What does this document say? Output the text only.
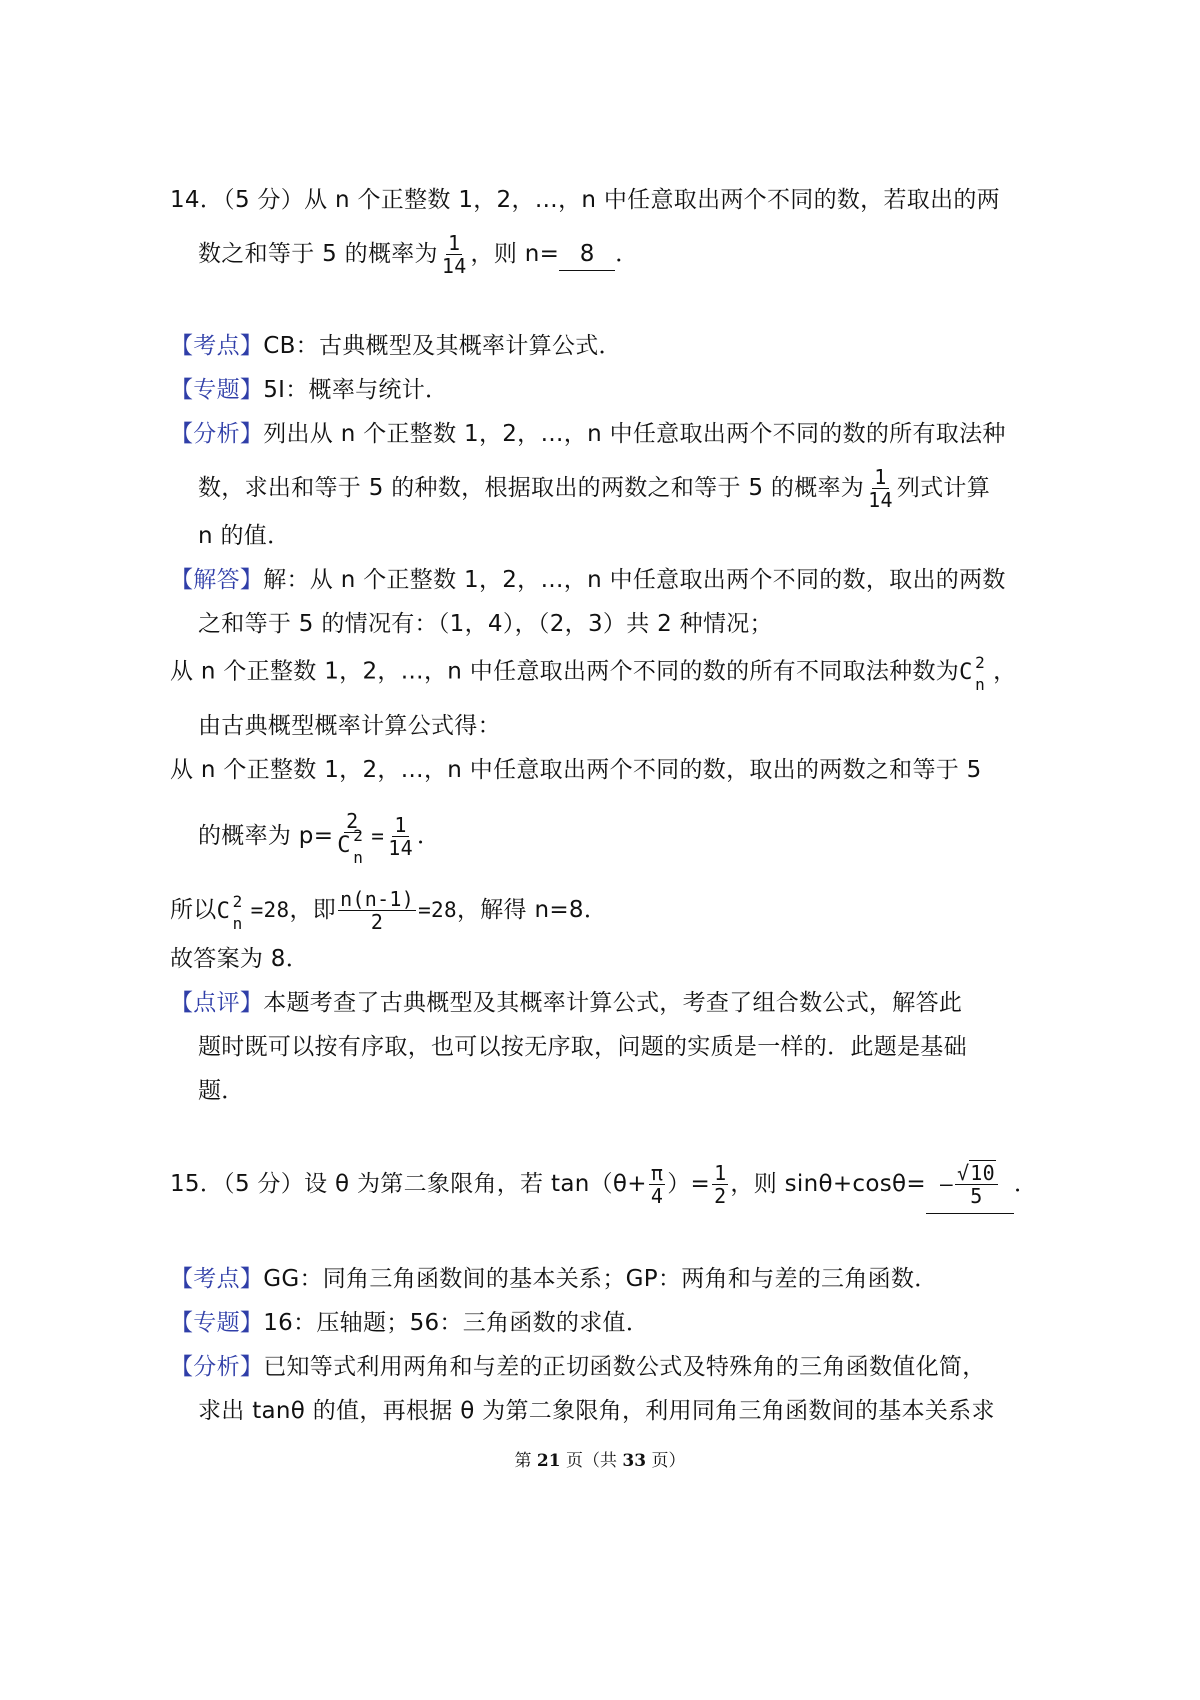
14．（5 分）从 n 个正整数 1，2，…，n 中任意取出两个不同的数，若取出的两
数之和等于 5 的概率为 $\frac{1}{14}$ ，则 n= 8 ．
【考点】CB：古典概型及其概率计算公式．
【专题】5I：概率与统计．
【分析】列出从 n 个正整数 1，2，…，n 中任意取出两个不同的数的所有取法种
数，求出和等于 5 的种数，根据取出的两数之和等于 5 的概率为 $\frac{1}{14}$ 列式计算
n 的值．
【解答】解：从 n 个正整数 1，2，…，n 中任意取出两个不同的数，取出的两数
之和等于 5 的情况有：（1，4），（2，3）共 2 种情况；
从 n 个正整数 1，2，…，n 中任意取出两个不同的数的所有不同取法种数为 C 2
n ，
由古典概型概率计算公式得：
从 n 个正整数 1，2，…，n 中任意取出两个不同的数，取出的两数之和等于 5
的概率为 p= 2
C 2
$n = \frac{1}{14}$ ．
所以 C 2
n
=28，即 $\frac{n(n-1)}{2} =28$，解得 n=8．
故答案为 8．
【点评】本题考查了古典概型及其概率计算公式，考查了组合数公式，解答此
题时既可以按有序取，也可以按无序取，问题的实质是一样的．此题是基础
题．
15．（5 分）设 θ 为第二象限角，若 $\tan(\theta+ \frac{\pi}{4}$ ）= $\frac{1}{2}$ ，则 $\sin\theta+\cos\theta= - \frac{√10}{5}$ ．
【考点】GG：同角三角函数间的基本关系；GP：两角和与差的三角函数．
【专题】16：压轴题；56：三角函数的求值．
【分析】已知等式利用两角和与差的正切函数公式及特殊角的三角函数值化简，
求出 tanθ 的值，再根据 θ 为第二象限角，利用同角三角函数间的基本关系求
第 21 页（共 33 页）
